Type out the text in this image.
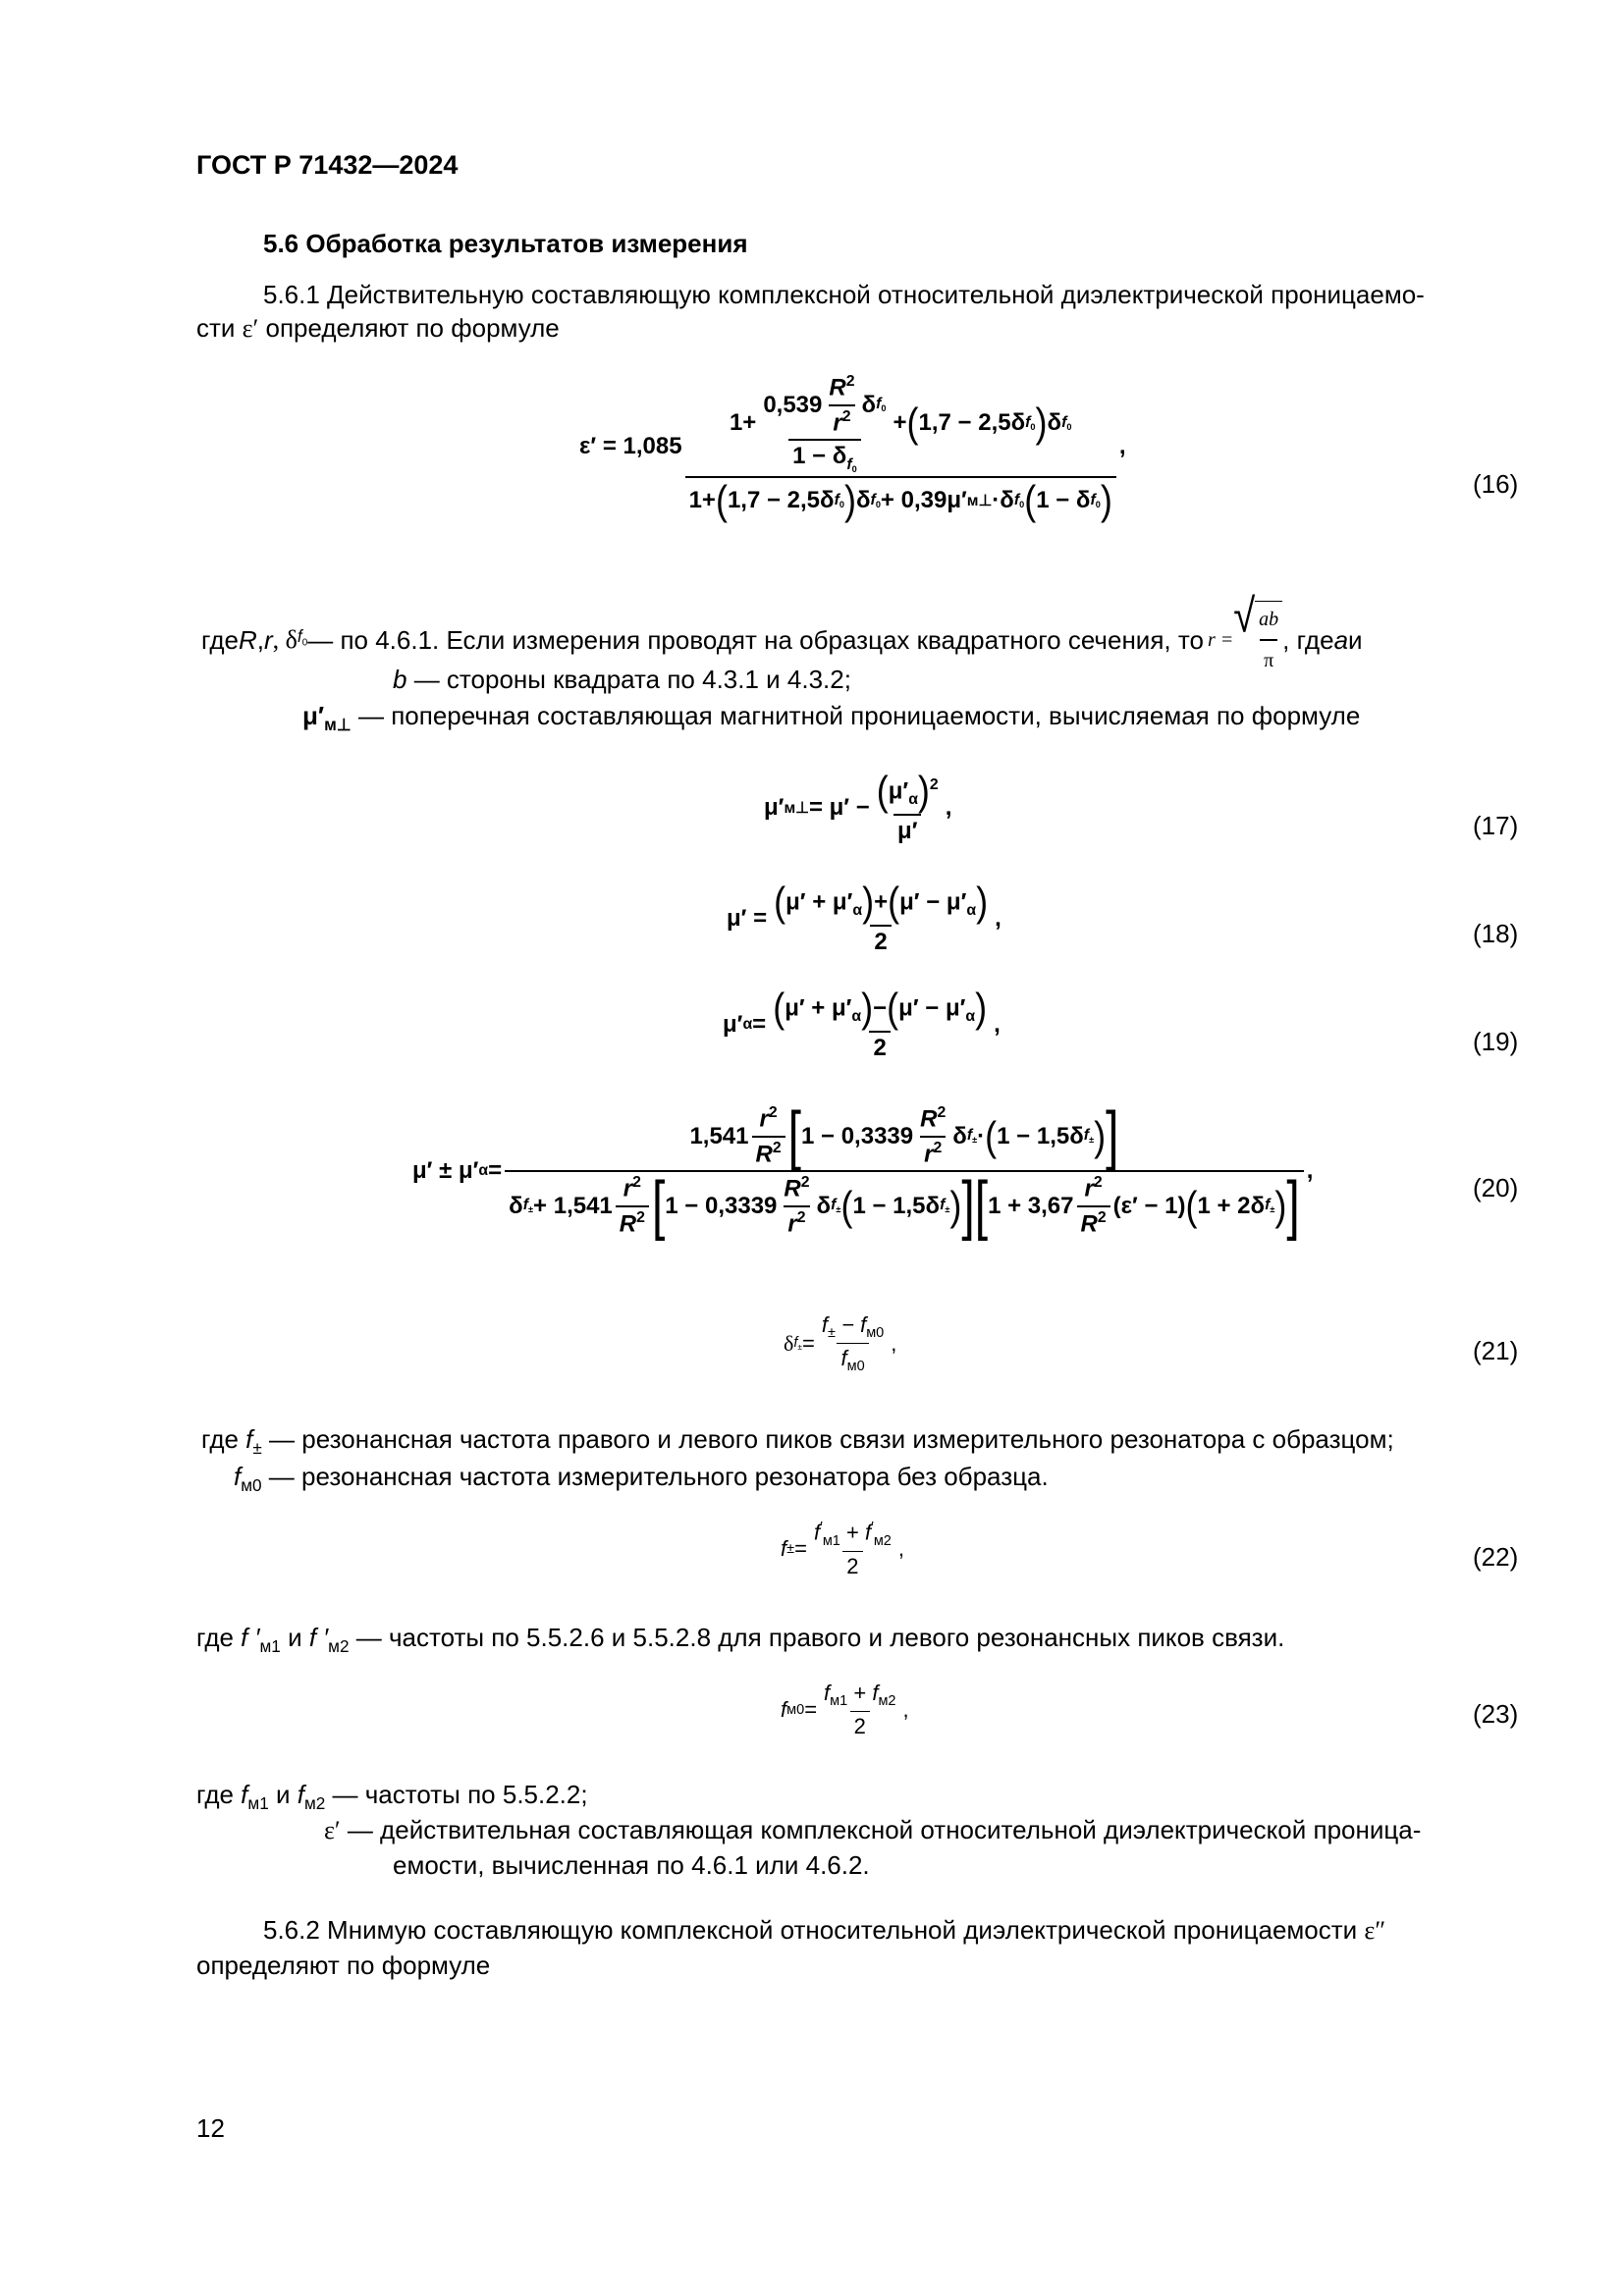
ГОСТ Р 71432—2024
5.6 Обработка результатов измерения
5.6.1 Действительную составляющую комплексной относительной диэлектрической проницаемо-
сти ε′ определяют по формуле
ε′ = 1,085
$1+ \frac{0,539 \frac{R^2}{r^2} \delta f_0}{1 - \delta_{f_0}}$ + ( 1,7 − 2,5δ $f_0$ ) δ $f_0$
1+ ( 1,7 − 2,5δ $f_0$ ) δ $f_0 + 0,39\mu'$ м⊥ ·δ $f_0$ ( 1 − δ $f_0$ )
,
(16)
где R , r , δ $f_0$ — по 4.6.1. Если измерения проводят на образцах квадратного сечения, то r = √ $\frac{ab}{\pi}$ , где a и
b — стороны квадрата по 4.3.1 и 4.3.2;
$\mu'_{м\perp}$ — поперечная составляющая магнитной проницаемости, вычисляемая по формуле
μ′ м⊥ = $\mu' - \frac{(\mu'_\alpha)^2}{\mu'}$ ,
(17)
$\mu' = \frac{(\mu' + \mu'_\alpha)+(\mu' - \mu'_\alpha)}{2}$ ,
(18)
μ′ $\alpha = \frac{(\mu' + \mu'_\alpha)-(\mu' - \mu'_\alpha)}{2}$ ,
(19)
μ′ ± μ′ α =
$1,541 \frac{r^2}{R^2}$ [ $1 - 0,3339 \frac{R^2}{r^2}$ δ $f_\pm$ · ( 1 − 1,5δ $f_\pm$ ) ]
δ $f_\pm + 1,541 \frac{r^2}{R^2}$ [ $1 - 0,3339 \frac{R^2}{r^2}$ δ $f_\pm$ ( 1 − 1,5δ $f_\pm$ ) ] [ $1 + 3,67 \frac{r^2}{R^2} (\varepsilon' - 1)$ ( 1 + 2δ $f_\pm$ ) ] ,
(20)
δ $f_\pm = \frac{f_\pm - f_{м0}}{f_{м0}}$ ,	(21)
где $f_\pm$ — резонансная частота правого и левого пиков связи измерительного резонатора с образцом;
$f_{м0}$ — резонансная частота измерительного резонатора без образца.
f ± = $\frac{f'_{м1} + f'_{м2}}{2}$ ,	(22)
где f $'_{м1}$ и f $'_{м2}$ — частоты по 5.5.2.6 и 5.5.2.8 для правого и левого резонансных пиков связи.
f $м0 = \frac{f_{м1} + f_{м2}}{2}$ ,	(23)
где $f_{м1}$ и $f_{м2}$ — частоты по 5.5.2.2;
ε′ — действительная составляющая комплексной относительной диэлектрической проница-
емости, вычисленная по 4.6.1 или 4.6.2.
5.6.2 Мнимую составляющую комплексной относительной диэлектрической проницаемости ε″
определяют по формуле
12
